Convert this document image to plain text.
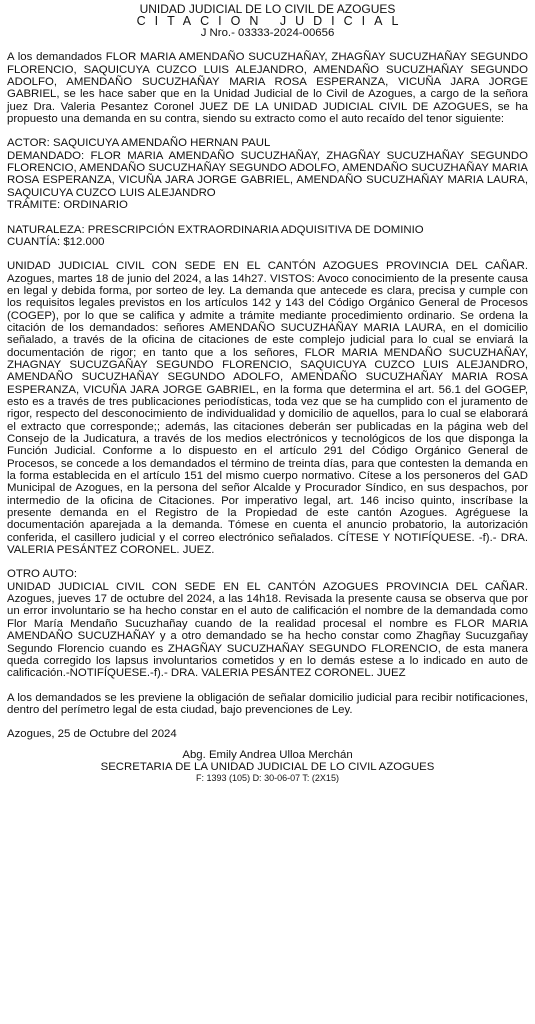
UNIDAD JUDICIAL DE LO CIVIL DE AZOGUES
CITACION JUDICIAL
J Nro.- 03333-2024-00656

A los demandados FLOR MARIA AMENDAÑO SUCUZHAÑAY, ZHAGÑAY SUCUZHAÑAY SEGUNDO FLORENCIO, SAQUICUYA CUZCO LUIS ALEJANDRO, AMENDAÑO SUCUZHAÑAY SEGUNDO ADOLFO, AMENDAÑO SUCUZHAÑAY MARIA ROSA ESPERANZA, VICUÑA JARA JORGE GABRIEL, se les hace saber que en la Unidad Judicial de lo Civil de Azogues, a cargo de la señora juez Dra. Valeria Pesantez Coronel JUEZ DE LA UNIDAD JUDICIAL CIVIL DE AZOGUES, se ha propuesto una demanda en su contra, siendo su extracto como el auto recaído del tenor siguiente:

ACTOR: SAQUICUYA AMENDAÑO HERNAN PAUL

DEMANDADO: FLOR MARIA AMENDAÑO SUCUZHAÑAY, ZHAGÑAY SUCUZHAÑAY SEGUNDO FLORENCIO, AMENDAÑO SUCUZHAÑAY SEGUNDO ADOLFO, AMENDAÑO SUCUZHAÑAY MARIA ROSA ESPERANZA, VICUÑA JARA JORGE GABRIEL, AMENDAÑO SUCUZHAÑAY MARIA LAURA, SAQUICUYA CUZCO LUIS ALEJANDRO

TRÁMITE: ORDINARIO

NATURALEZA: PRESCRIPCIÓN EXTRAORDINARIA ADQUISITIVA DE DOMINIO

CUANTÍA: $12.000

UNIDAD JUDICIAL CIVIL CON SEDE EN EL CANTÓN AZOGUES PROVINCIA DEL CAÑAR. Azogues, martes 18 de junio del 2024, a las 14h27. VISTOS: Avoco conocimiento de la presente causa en legal y debida forma, por sorteo de ley. La demanda que antecede es clara, precisa y cumple con los requisitos legales previstos en los artículos 142 y 143 del Código Orgánico General de Procesos (COGEP), por lo que se califica y admite a trámite mediante procedimiento ordinario. Se ordena la citación de los demandados: señores AMENDAÑO SUCUZHAÑAY MARIA LAURA, en el domicilio señalado, a través de la oficina de citaciones de este complejo judicial para lo cual se enviará la documentación de rigor; en tanto que a los señores, FLOR MARIA MENDAÑO SUCUZHAÑAY, ZHAGNAY SUCUZGAÑAY SEGUNDO FLORENCIO, SAQUICUYA CUZCO LUIS ALEJANDRO, AMENDAÑO SUCUZHAÑAY SEGUNDO ADOLFO, AMENDAÑO SUCUZHAÑAY MARIA ROSA ESPERANZA, VICUÑA JARA JORGE GABRIEL, en la forma que determina el art. 56.1 del GOGEP, esto es a través de tres publicaciones periodísticas, toda vez que se ha cumplido con el juramento de rigor, respecto del desconocimiento de individualidad y domicilio de aquellos, para lo cual se elaborará el extracto que corresponde;; además, las citaciones deberán ser publicadas en la página web del Consejo de la Judicatura, a través de los medios electrónicos y tecnológicos de los que disponga la Función Judicial. Conforme a lo dispuesto en el artículo 291 del Código Orgánico General de Procesos, se concede a los demandados el término de treinta días, para que contesten la demanda en la forma establecida en el artículo 151 del mismo cuerpo normativo. Cítese a los personeros del GAD Municipal de Azogues, en la persona del señor Alcalde y Procurador Síndico, en sus despachos, por intermedio de la oficina de Citaciones. Por imperativo legal, art. 146 inciso quinto, inscríbase la presente demanda en el Registro de la Propiedad de este cantón Azogues. Agréguese la documentación aparejada a la demanda. Tómese en cuenta el anuncio probatorio, la autorización conferida, el casillero judicial y el correo electrónico señalados. CÍTESE Y NOTIFÍQUESE. -f).- DRA. VALERIA PESÁNTEZ CORONEL. JUEZ.

OTRO AUTO:

UNIDAD JUDICIAL CIVIL CON SEDE EN EL CANTÓN AZOGUES PROVINCIA DEL CAÑAR. Azogues, jueves 17 de octubre del 2024, a las 14h18. Revisada la presente causa se observa que por un error involuntario se ha hecho constar en el auto de calificación el nombre de la demandada como Flor María Mendaño Sucuzhañay cuando de la realidad procesal el nombre es FLOR MARIA AMENDAÑO SUCUZHAÑAY y a otro demandado se ha hecho constar como Zhagñay Sucuzgañay Segundo Florencio cuando es ZHAGÑAY SUCUZHAÑAY SEGUNDO FLORENCIO, de esta manera queda corregido los lapsus involuntarios cometidos y en lo demás estese a lo indicado en auto de calificación.-NOTIFÍQUESE.-f).- DRA. VALERIA PESÁNTEZ CORONEL. JUEZ

A los demandados se les previene la obligación de señalar domicilio judicial para recibir notificaciones, dentro del perímetro legal de esta ciudad, bajo prevenciones de Ley.

Azogues, 25 de Octubre del 2024

Abg. Emily Andrea Ulloa Merchán
SECRETARIA DE LA UNIDAD JUDICIAL DE LO CIVIL AZOGUES
F: 1393 (105) D: 30-06-07 T: (2X15)
